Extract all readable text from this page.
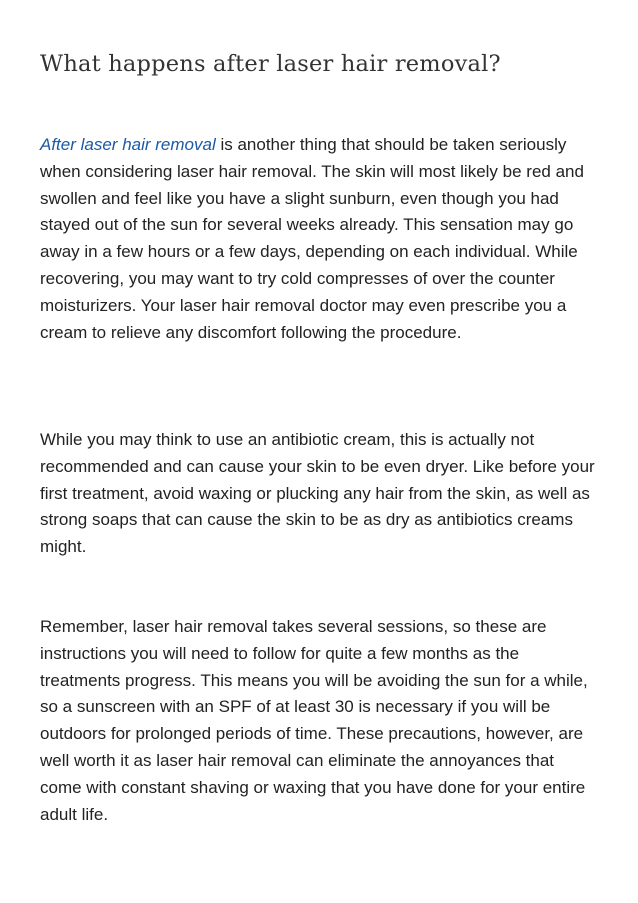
What happens after laser hair removal?

After laser hair removal is another thing that should be taken seriously when considering laser hair removal. The skin will most likely be red and swollen and feel like you have a slight sunburn, even though you had stayed out of the sun for several weeks already. This sensation may go away in a few hours or a few days, depending on each individual. While recovering, you may want to try cold compresses of over the counter moisturizers. Your laser hair removal doctor may even prescribe you a cream to relieve any discomfort following the procedure.

While you may think to use an antibiotic cream, this is actually not recommended and can cause your skin to be even dryer. Like before your first treatment, avoid waxing or plucking any hair from the skin, as well as strong soaps that can cause the skin to be as dry as antibiotics creams might.

Remember, laser hair removal takes several sessions, so these are instructions you will need to follow for quite a few months as the treatments progress. This means you will be avoiding the sun for a while, so a sunscreen with an SPF of at least 30 is necessary if you will be outdoors for prolonged periods of time. These precautions, however, are well worth it as laser hair removal can eliminate the annoyances that come with constant shaving or waxing that you have done for your entire adult life.
